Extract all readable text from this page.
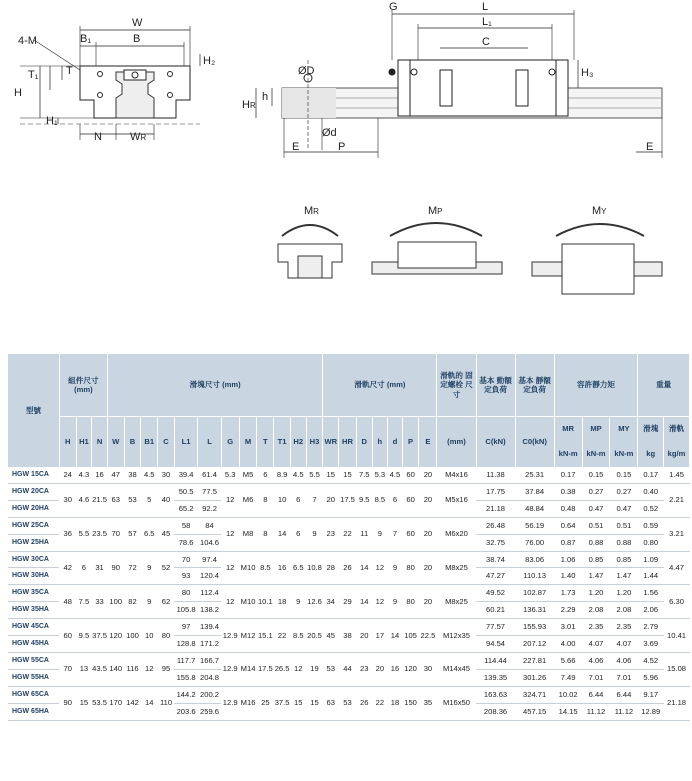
W
B
B₁
4-M
T
T₁
H
H₁
H₂
N	WR
G	L
L₁
C
H₃
ØD
h
HR
Ød
E	P	E
MR	MP	MY
型號	組件尺寸 (mm)			滑塊尺寸 (mm)												滑軌尺寸 (mm)							滑軌的 固定螺栓 尺寸	基本 動額 定負荷	基本 靜額 定負荷	容許靜力矩			重量	
	H	H1	N	W	B	B1	C	L1	L	G	M	T	T1	H2	H3	WR	HR	D	h	d	P	E	(mm)	C(kN)	C0(kN)	MR	MP	MY	滑塊	滑軌
																										kN-m	kN-m	kN-m	kg	kg/m
HGW 15CA	24	4.3	16	47	38	4.5	30	39.4	61.4	5.3	M5	6	8.9	4.5	5.5	15	15	7.5	5.3	4.5	60	20	M4x16	11.38	25.31	0.17	0.15	0.15	0.17	1.45
HGW 20CA	30	4.6	21.5	63	53	5	40	50.5	77.5	12	M6	8	10	6	7	20	17.5	9.5	8.5	6	60	20	M5x16	17.75	37.84	0.38	0.27	0.27	0.40	2.21
HGW 20HA								65.2	92.2															21.18	48.84	0.48	0.47	0.47	0.52	
HGW 25CA	36	5.5	23.5	70	57	6.5	45	58	84	12	M8	8	14	6	9	23	22	11	9	7	60	20	M6x20	26.48	56.19	0.64	0.51	0.51	0.59	3.21
HGW 25HA								78.6	104.6															32.75	76.00	0.87	0.88	0.88	0.80	
HGW 30CA	42	6	31	90	72	9	52	70	97.4	12	M10	8.5	16	6.5	10.8	28	26	14	12	9	80	20	M8x25	38.74	83.06	1.06	0.85	0.85	1.09	4.47
HGW 30HA								93	120.4															47.27	110.13	1.40	1.47	1.47	1.44	
HGW 35CA	48	7.5	33	100	82	9	62	80	112.4	12	M10	10.1	18	9	12.6	34	29	14	12	9	80	20	M8x25	49.52	102.87	1.73	1.20	1.20	1.56	6.30
HGW 35HA								105.8	138.2															60.21	136.31	2.29	2.08	2.08	2.06	
HGW 45CA	60	9.5	37.5	120	100	10	80	97	139.4	12.9	M12	15.1	22	8.5	20.5	45	38	20	17	14	105	22.5	M12x35	77.57	155.93	3.01	2.35	2.35	2.79	10.41
HGW 45HA								128.8	171.2															94.54	207.12	4.00	4.07	4.07	3.69	
HGW 55CA	70	13	43.5	140	116	12	95	117.7	166.7	12.9	M14	17.5	26.5	12	19	53	44	23	20	16	120	30	M14x45	114.44	227.81	5.66	4.06	4.06	4.52	15.08
HGW 55HA								155.8	204.8															139.35	301.26	7.49	7.01	7.01	5.96	
HGW 65CA	90	15	53.5	170	142	14	110	144.2	200.2	12.9	M16	25	37.5	15	15	63	53	26	22	18	150	35	M16x50	163.63	324.71	10.02	6.44	6.44	9.17	21.18
HGW 65HA								203.6	259.6															208.36	457.15	14.15	11.12	11.12	12.89	
